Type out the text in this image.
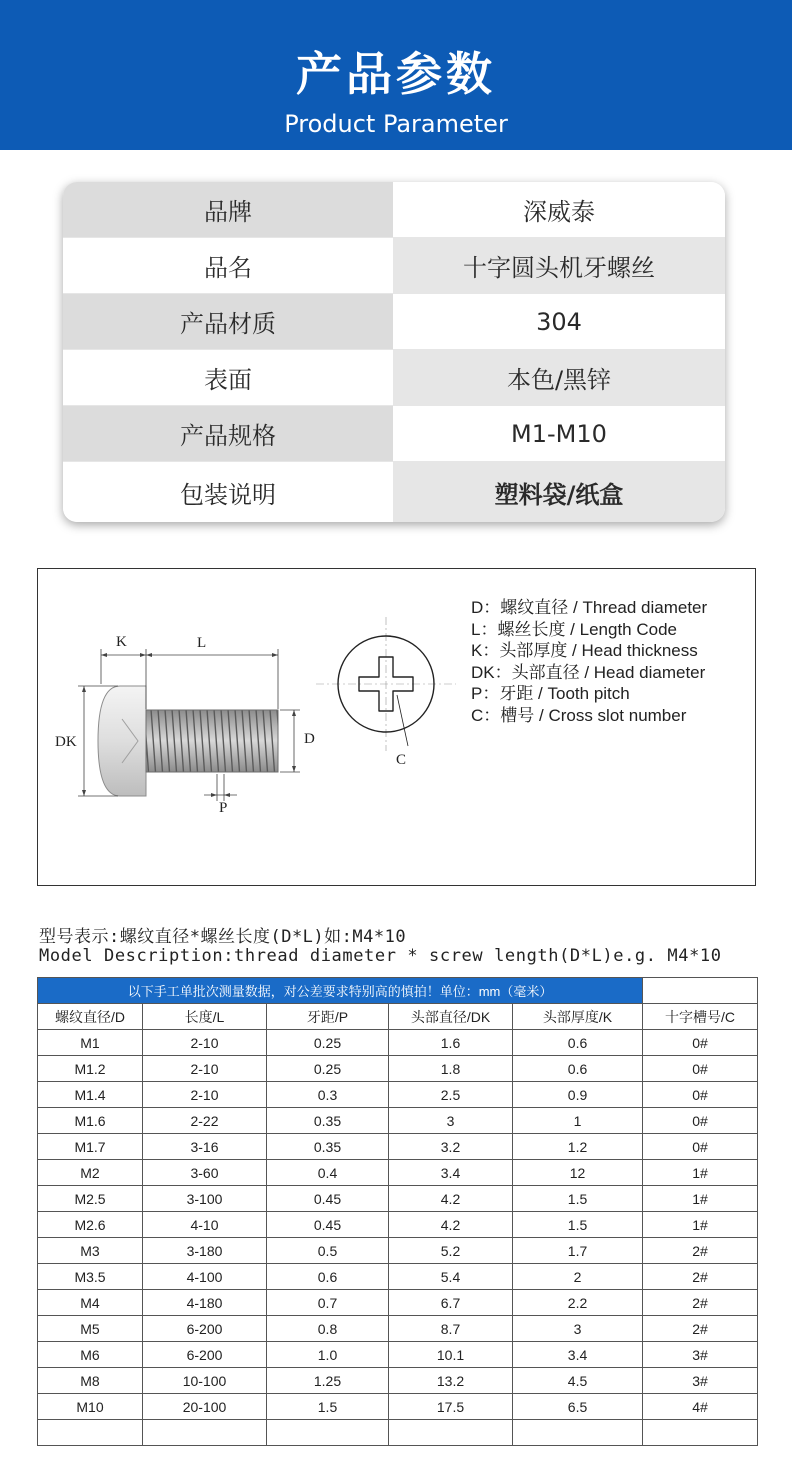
产品参数
Product Parameter
品牌	深威泰
品名	十字圆头机牙螺丝
产品材质	304
表面	本色/黑锌
产品规格	M1-M10
包装说明	塑料袋/纸盒
K	L
DK	D
P
C
D：螺纹直径 / Thread diameter
L：螺丝长度 / Length Code
K：头部厚度 / Head thickness
DK：头部直径 / Head diameter
P：牙距 / Tooth pitch
C：槽号 / Cross slot number
型号表示:螺纹直径*螺丝长度(D*L)如:M4*10
Model Description:thread diameter * screw length(D*L)e.g. M4*10
以下手工单批次测量数据，对公差要求特别高的慎拍！单位：mm（毫米）					
螺纹直径/D	长度/L	牙距/P	头部直径/DK	头部厚度/K	十字槽号/C
M1	2-10	0.25	1.6	0.6	0#
M1.2	2-10	0.25	1.8	0.6	0#
M1.4	2-10	0.3	2.5	0.9	0#
M1.6	2-22	0.35	3	1	0#
M1.7	3-16	0.35	3.2	1.2	0#
M2	3-60	0.4	3.4	12	1#
M2.5	3-100	0.45	4.2	1.5	1#
M2.6	4-10	0.45	4.2	1.5	1#
M3	3-180	0.5	5.2	1.7	2#
M3.5	4-100	0.6	5.4	2	2#
M4	4-180	0.7	6.7	2.2	2#
M5	6-200	0.8	8.7	3	2#
M6	6-200	1.0	10.1	3.4	3#
M8	10-100	1.25	13.2	4.5	3#
M10	20-100	1.5	17.5	6.5	4#
